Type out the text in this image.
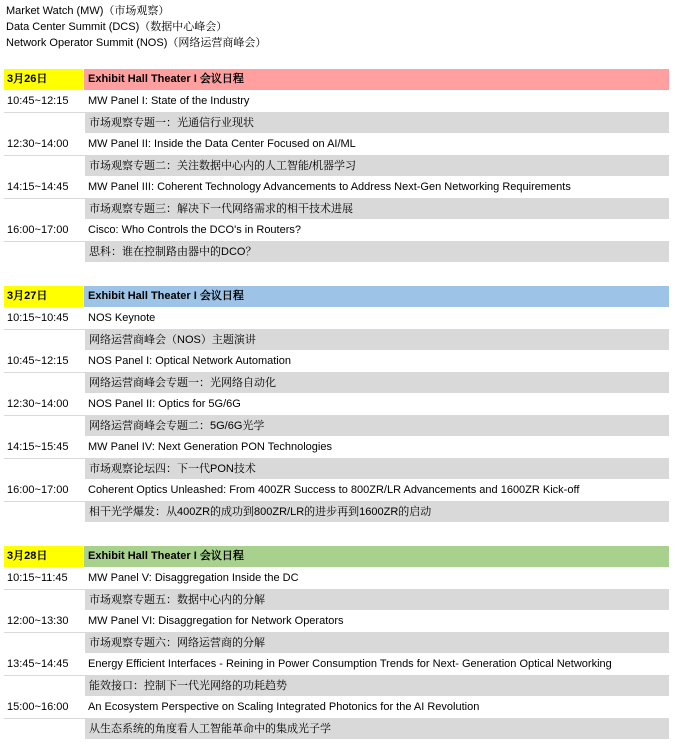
Market Watch (MW)（市场观察）
Data Center Summit (DCS)（数据中心峰会）
Network Operator Summit (NOS)（网络运营商峰会）
3月26日	Exhibit Hall Theater I 会议日程
10:45~12:15	MW Panel I: State of the Industry
市场观察专题一：光通信行业现状
12:30~14:00	MW Panel II: Inside the Data Center Focused on AI/ML
市场观察专题二：关注数据中心内的人工智能/机器学习
14:15~14:45	MW Panel III: Coherent Technology Advancements to Address Next-Gen Networking Requirements
市场观察专题三：解决下一代网络需求的相干技术进展
16:00~17:00	Cisco: Who Controls the DCO's in Routers?
思科：谁在控制路由器中的DCO？
3月27日	Exhibit Hall Theater I 会议日程
10:15~10:45	NOS Keynote
网络运营商峰会（NOS）主题演讲
10:45~12:15	NOS Panel I: Optical Network Automation
网络运营商峰会专题一：光网络自动化
12:30~14:00	NOS Panel II: Optics for 5G/6G
网络运营商峰会专题二：5G/6G光学
14:15~15:45	MW Panel IV: Next Generation PON Technologies
市场观察论坛四：下一代PON技术
16:00~17:00	Coherent Optics Unleashed: From 400ZR Success to 800ZR/LR Advancements and 1600ZR Kick-off
相干光学爆发：从400ZR的成功到800ZR/LR的进步再到1600ZR的启动
3月28日	Exhibit Hall Theater I 会议日程
10:15~11:45	MW Panel V: Disaggregation Inside the DC
市场观察专题五：数据中心内的分解
12:00~13:30	MW Panel VI: Disaggregation for Network Operators
市场观察专题六：网络运营商的分解
13:45~14:45	Energy Efficient Interfaces - Reining in Power Consumption Trends for Next- Generation Optical Networking
能效接口：控制下一代光网络的功耗趋势
15:00~16:00	An Ecosystem Perspective on Scaling Integrated Photonics for the AI Revolution
从生态系统的角度看人工智能革命中的集成光子学
